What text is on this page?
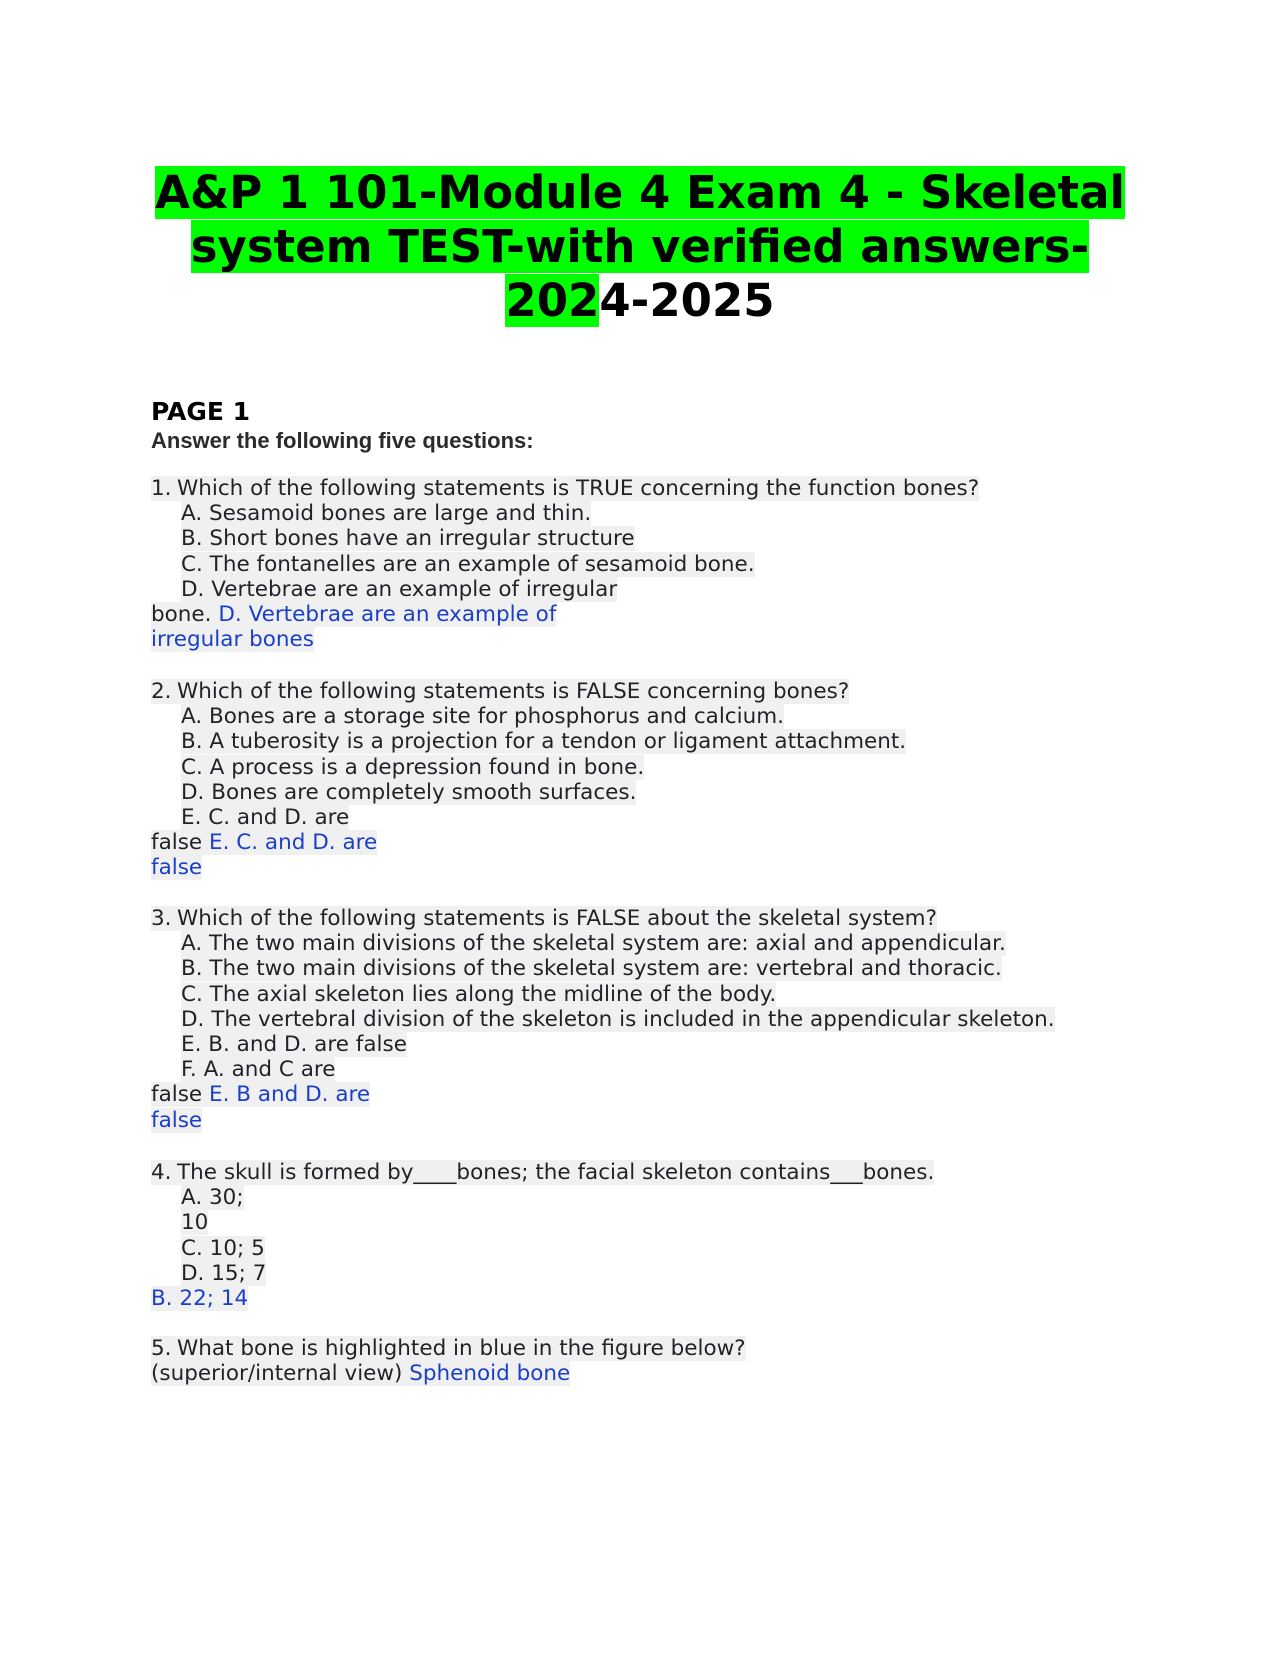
A&P 1 101-Module 4 Exam 4 - Skeletal
system TEST-with verified answers-
2024-2025
PAGE 1

Answer the following five questions:

1. Which of the following statements is TRUE concerning the function bones?
A. Sesamoid bones are large and thin.
B. Short bones have an irregular structure
C. The fontanelles are an example of sesamoid bone.
D. Vertebrae are an example of irregular
bone. D. Vertebrae are an example of
irregular bones
2. Which of the following statements is FALSE concerning bones?
A. Bones are a storage site for phosphorus and calcium.
B. A tuberosity is a projection for a tendon or ligament attachment.
C. A process is a depression found in bone.
D. Bones are completely smooth surfaces.
E. C. and D. are
false E. C. and D. are
false
3. Which of the following statements is FALSE about the skeletal system?
A. The two main divisions of the skeletal system are: axial and appendicular.
B. The two main divisions of the skeletal system are: vertebral and thoracic.
C. The axial skeleton lies along the midline of the body.
D. The vertebral division of the skeleton is included in the appendicular skeleton.
E. B. and D. are false
F. A. and C are
false E. B and D. are
false
4. The skull is formed by____bones; the facial skeleton contains___bones.
A. 30;
10
C. 10; 5
D. 15; 7
B. 22; 14
5. What bone is highlighted in blue in the figure below?
(superior/internal view) Sphenoid bone
